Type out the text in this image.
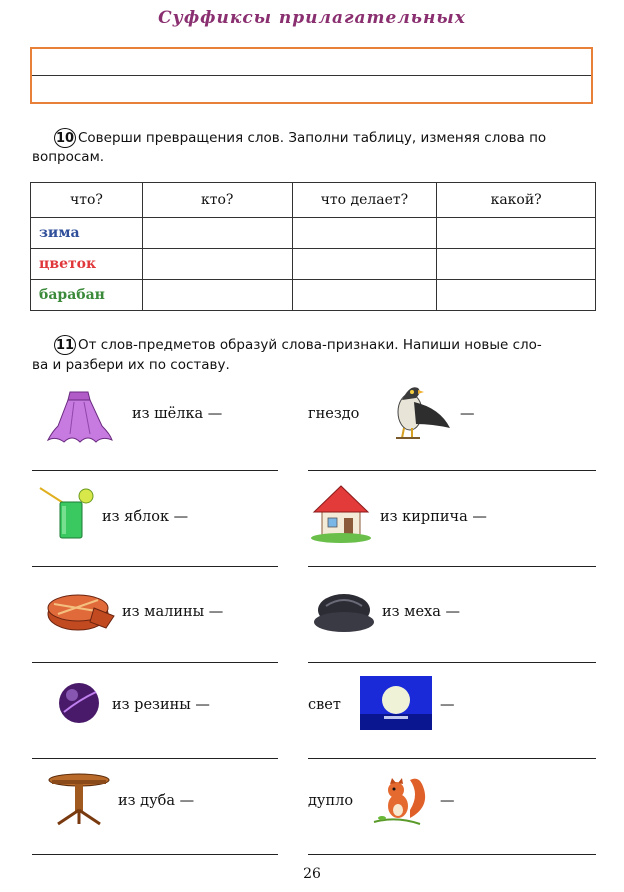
Суффиксы прилагательных
10 Соверши превращения слов. Заполни таблицу, изменяя слова по
вопросам.
что?	кто?	что делает?	какой?
зима			
цветок			
барабан			
11 От слов-предметов образуй слова-признаки. Напиши новые сло-
ва и разбери их по составу.
из шёлка —	гнездо	—
из яблок —	из кирпича —
из малины —	из меха —
из резины —	свет	—
из дуба —	дупло	—
26
